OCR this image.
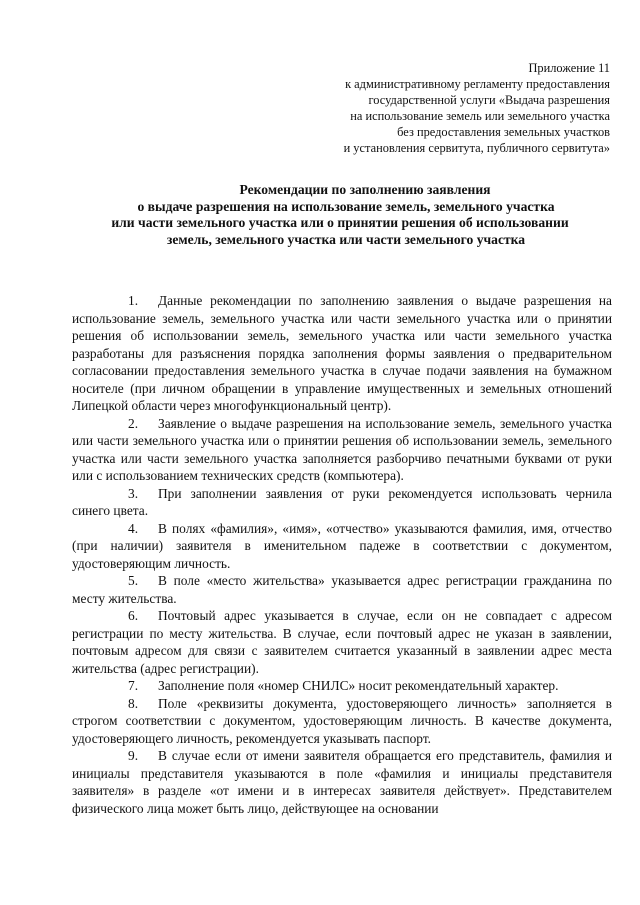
Приложение 11
к административному регламенту предоставления
государственной услуги «Выдача разрешения
на использование земель или земельного участка
без предоставления земельных участков
и установления сервитута, публичного сервитута»
Рекомендации по заполнению заявления
о выдаче разрешения на использование земель, земельного участка
или части земельного участка или о принятии решения об использовании
земель, земельного участка или части земельного участка

1. Данные рекомендации по заполнению заявления о выдаче разрешения на использование земель, земельного участка или части земельного участка или о принятии решения об использовании земель, земельного участка или части земельного участка разработаны для разъяснения порядка заполнения формы заявления о предварительном согласовании предоставления земельного участка в случае подачи заявления на бумажном носителе (при личном обращении в управление имущественных и земельных отношений Липецкой области через многофункциональный центр).

2. Заявление о выдаче разрешения на использование земель, земельного участка или части земельного участка или о принятии решения об использовании земель, земельного участка или части земельного участка заполняется разборчиво печатными буквами от руки или с использованием технических средств (компьютера).

3. При заполнении заявления от руки рекомендуется использовать чернила синего цвета.

4. В полях «фамилия», «имя», «отчество» указываются фамилия, имя, отчество (при наличии) заявителя в именительном падеже в соответствии с документом, удостоверяющим личность.

5. В поле «место жительства» указывается адрес регистрации гражданина по месту жительства.

6. Почтовый адрес указывается в случае, если он не совпадает с адресом регистрации по месту жительства. В случае, если почтовый адрес не указан в заявлении, почтовым адресом для связи с заявителем считается указанный в заявлении адрес места жительства (адрес регистрации).

7. Заполнение поля «номер СНИЛС» носит рекомендательный характер.

8. Поле «реквизиты документа, удостоверяющего личность» заполняется в строгом соответствии с документом, удостоверяющим личность. В качестве документа, удостоверяющего личность, рекомендуется указывать паспорт.

9. В случае если от имени заявителя обращается его представитель, фамилия и инициалы представителя указываются в поле «фамилия и инициалы представителя заявителя» в разделе «от имени и в интересах заявителя действует». Представителем физического лица может быть лицо, действующее на основании
